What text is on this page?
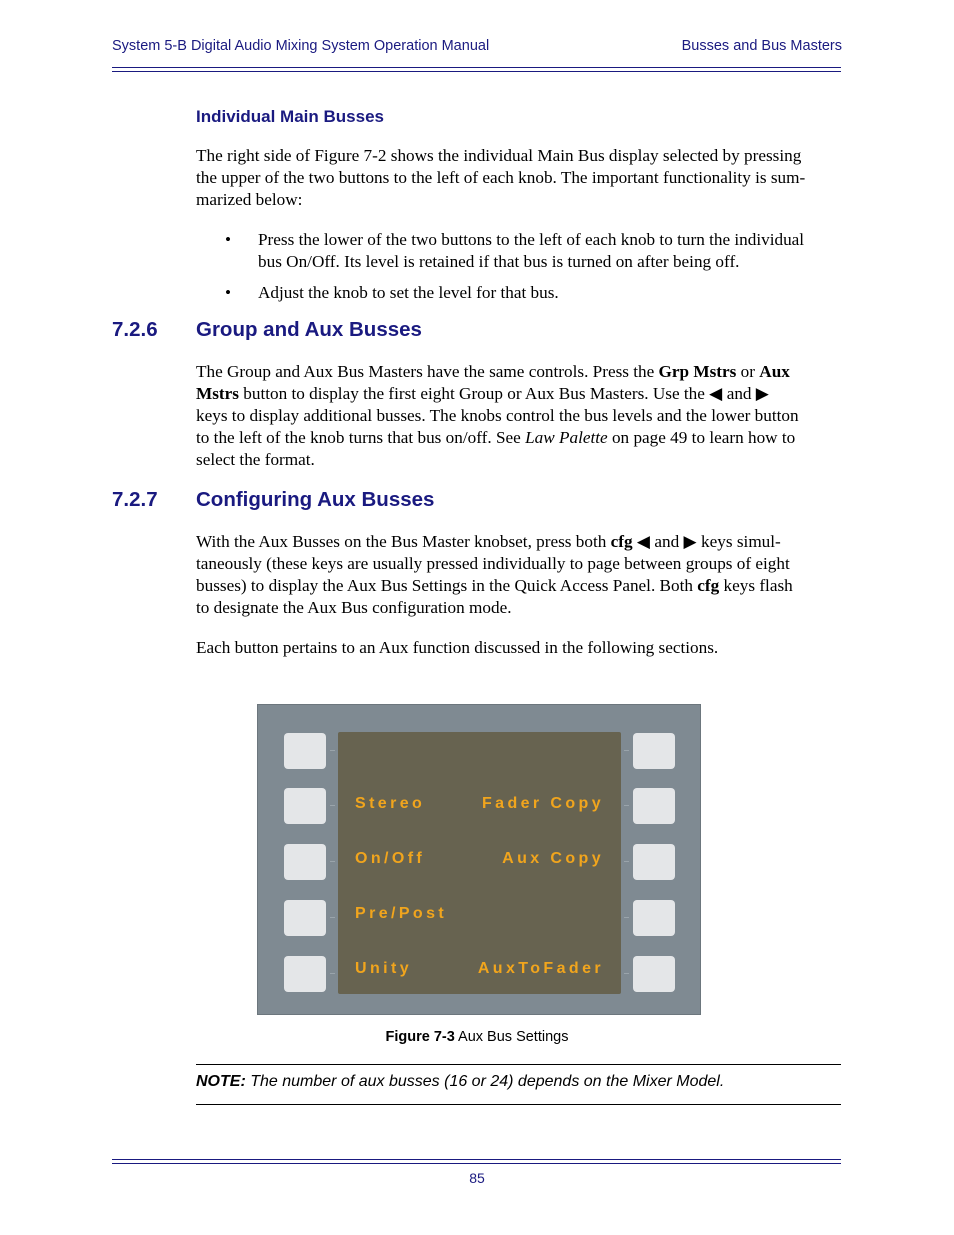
System 5-B Digital Audio Mixing System Operation Manual	Busses and Bus Masters
Individual Main Busses
The right side of Figure 7-2 shows the individual Main Bus display selected by pressing
the upper of the two buttons to the left of each knob. The important functionality is sum-
marized below:
• Press the lower of the two buttons to the left of each knob to turn the individual
bus On/Off. Its level is retained if that bus is turned on after being off.
• Adjust the knob to set the level for that bus.
7.2.6 Group and Aux Busses
The Group and Aux Bus Masters have the same controls. Press the Grp Mstrs or Aux
Mstrs button to display the first eight Group or Aux Bus Masters. Use the ◀ and ▶
keys to display additional busses. The knobs control the bus levels and the lower button
to the left of the knob turns that bus on/off. See Law Palette on page 49 to learn how to
select the format.
7.2.7 Configuring Aux Busses
With the Aux Busses on the Bus Master knobset, press both cfg ◀ and ▶ keys simul-
taneously (these keys are usually pressed individually to page between groups of eight
busses) to display the Aux Bus Settings in the Quick Access Panel. Both cfg keys flash
to designate the Aux Bus configuration mode.
Each button pertains to an Aux function discussed in the following sections.
Stereo
On/Off
Pre/Post
Unity
Fader Copy
Aux Copy
AuxToFader
Figure 7-3 Aux Bus Settings
NOTE: The number of aux busses (16 or 24) depends on the Mixer Model.
85
